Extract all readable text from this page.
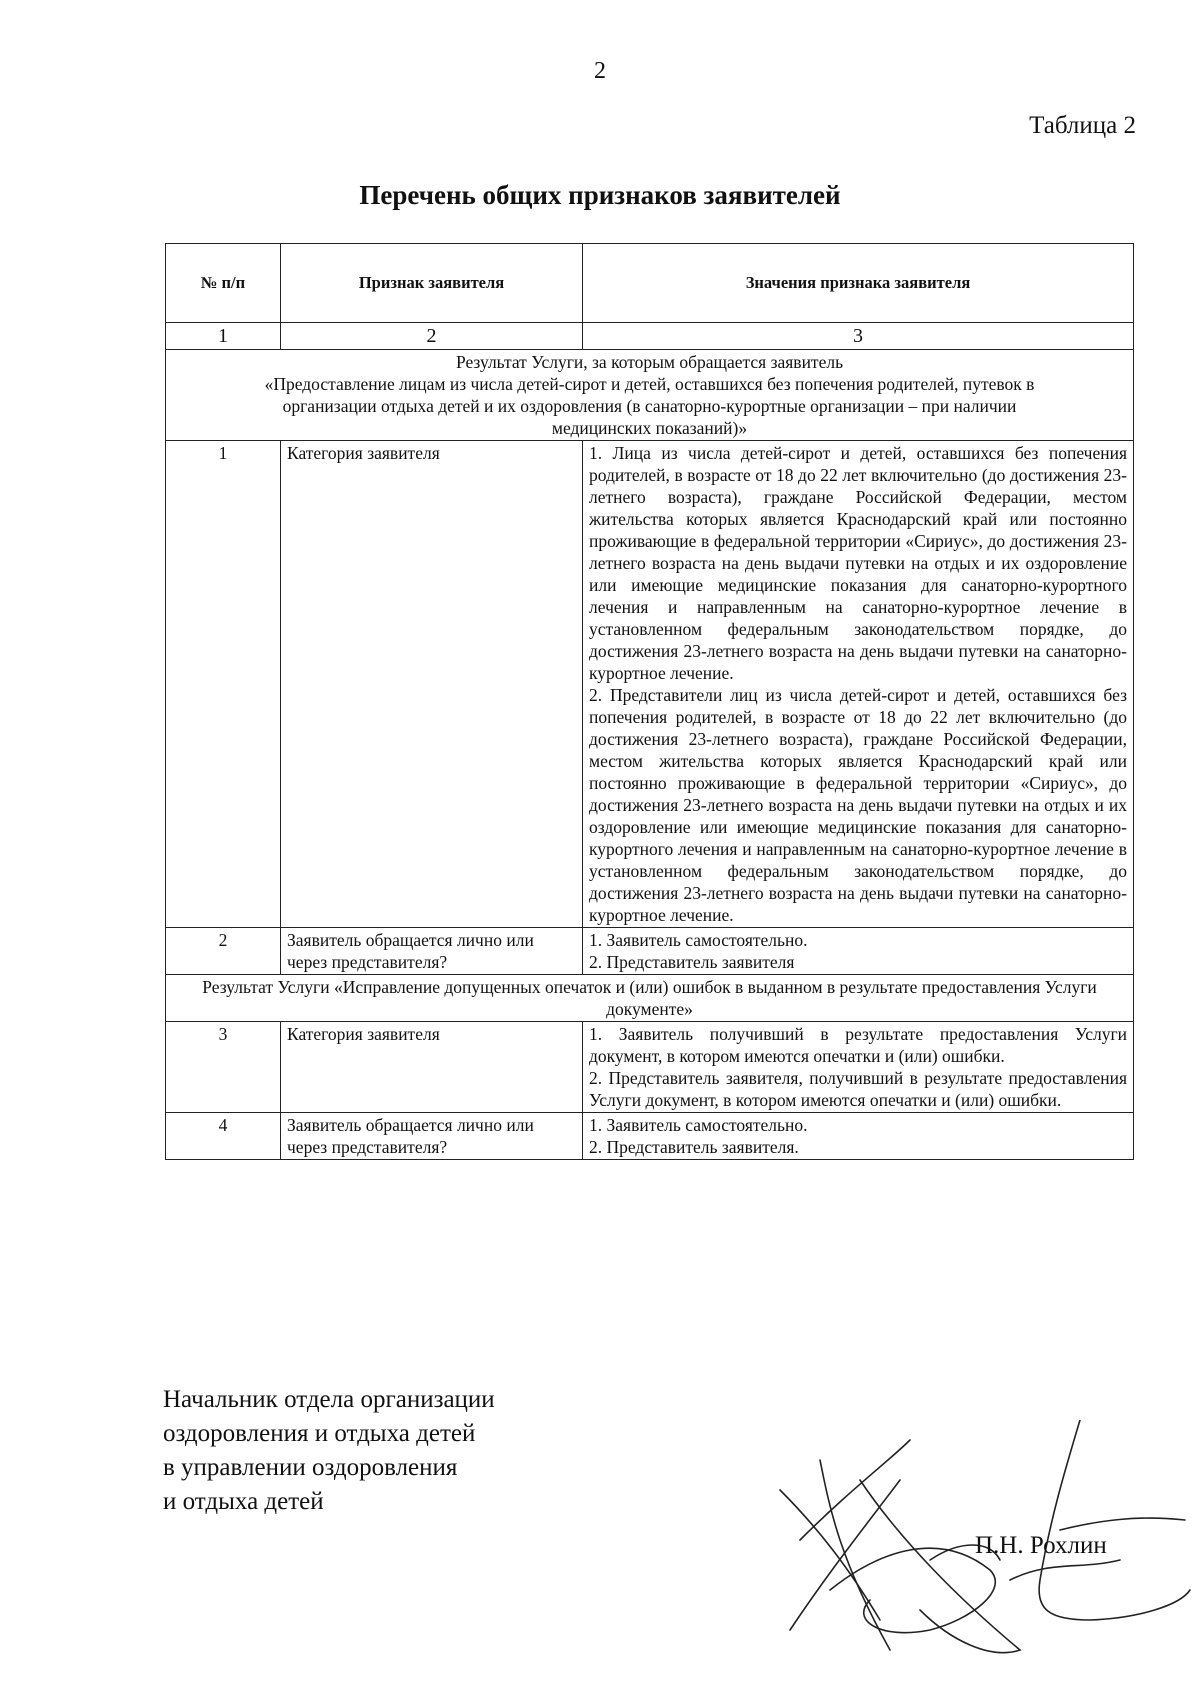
2
Таблица 2
Перечень общих признаков заявителей
№ п/п	Признак заявителя	Значения признака заявителя
1	2	3

Результат Услуги, за которым обращается заявитель
«Предоставление лицам из числа детей-сирот и детей, оставшихся без попечения родителей, путевок в
организации отдыха детей и их оздоровления (в санаторно-курортные организации – при наличии
медицинских показаний)»		

1	Категория заявителя	1. Лица из числа детей-сирот и детей, оставшихся без попечения родителей, в возрасте от 18 до 22 лет включительно (до достижения 23-летнего возраста), граждане Российской Федерации, местом жительства которых является Краснодарский край или постоянно проживающие в федеральной территории «Сириус», до достижения 23-летнего возраста на день выдачи путевки на отдых и их оздоровление или имеющие медицинские показания для санаторно-курортного лечения и направленным на санаторно-курортное лечение в установленном федеральным законодательством порядке, до достижения 23-летнего возраста на день выдачи путевки на санаторно-курортное лечение.

2. Представители лиц из числа детей-сирот и детей, оставшихся без попечения родителей, в возрасте от 18 до 22 лет включительно (до достижения 23-летнего возраста), граждане Российской Федерации, местом жительства которых является Краснодарский край или постоянно проживающие в федеральной территории «Сириус», до достижения 23-летнего возраста на день выдачи путевки на отдых и их оздоровление или имеющие медицинские показания для санаторно-курортного лечения и направленным на санаторно-курортное лечение в установленном федеральным законодательством порядке, до достижения 23-летнего возраста на день выдачи путевки на санаторно-курортное лечение.

2	Заявитель обращается лично или через представителя?	1. Заявитель самостоятельно.

2. Представитель заявителя

Результат Услуги «Исправление допущенных опечаток и (или) ошибок в выданном в результате предоставления Услуги документе»		
3	Категория заявителя	1. Заявитель получивший в результате предоставления Услуги документ, в котором имеются опечатки и (или) ошибки.

2. Представитель заявителя, получивший в результате предоставления Услуги документ, в котором имеются опечатки и (или) ошибки.

4	Заявитель обращается лично или через представителя?	1. Заявитель самостоятельно.

2. Представитель заявителя.

Начальник отдела организации
оздоровления и отдыха детей
в управлении оздоровления
и отдыха детей
П.Н. Рохлин
